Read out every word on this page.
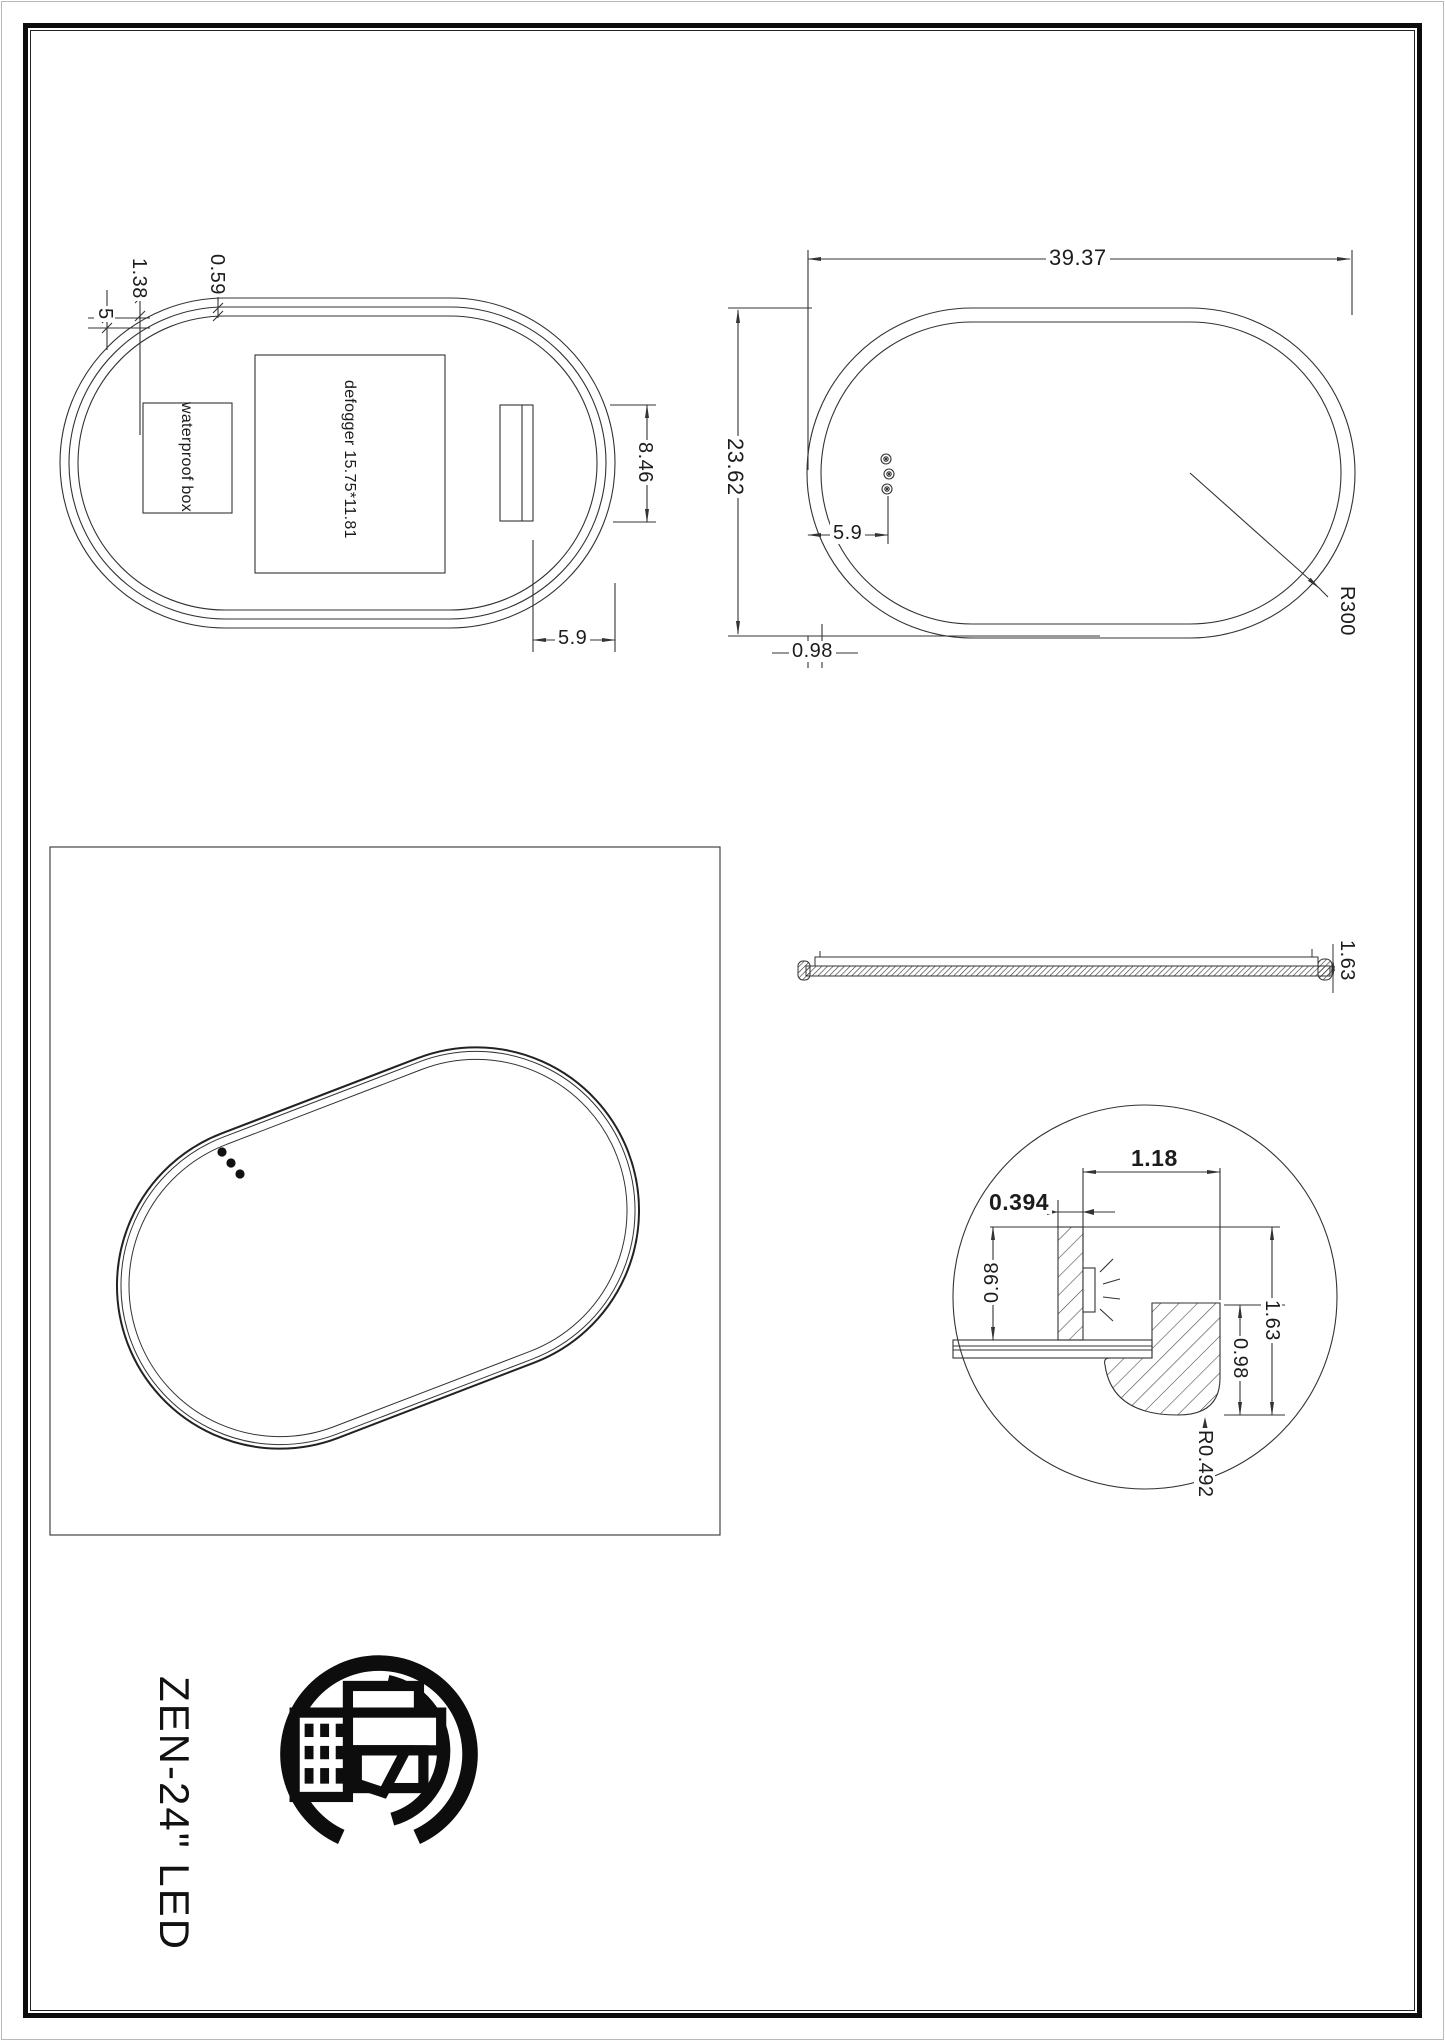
1.38	0.59
5
waterproof box	defogger 15.75*11.81	8.46
5.9
39.37
23.62
5.9
0.98
R300
1.63
1.18
0.394
0.98
1.63
0.98
R0.492
ZEN-24" LED
